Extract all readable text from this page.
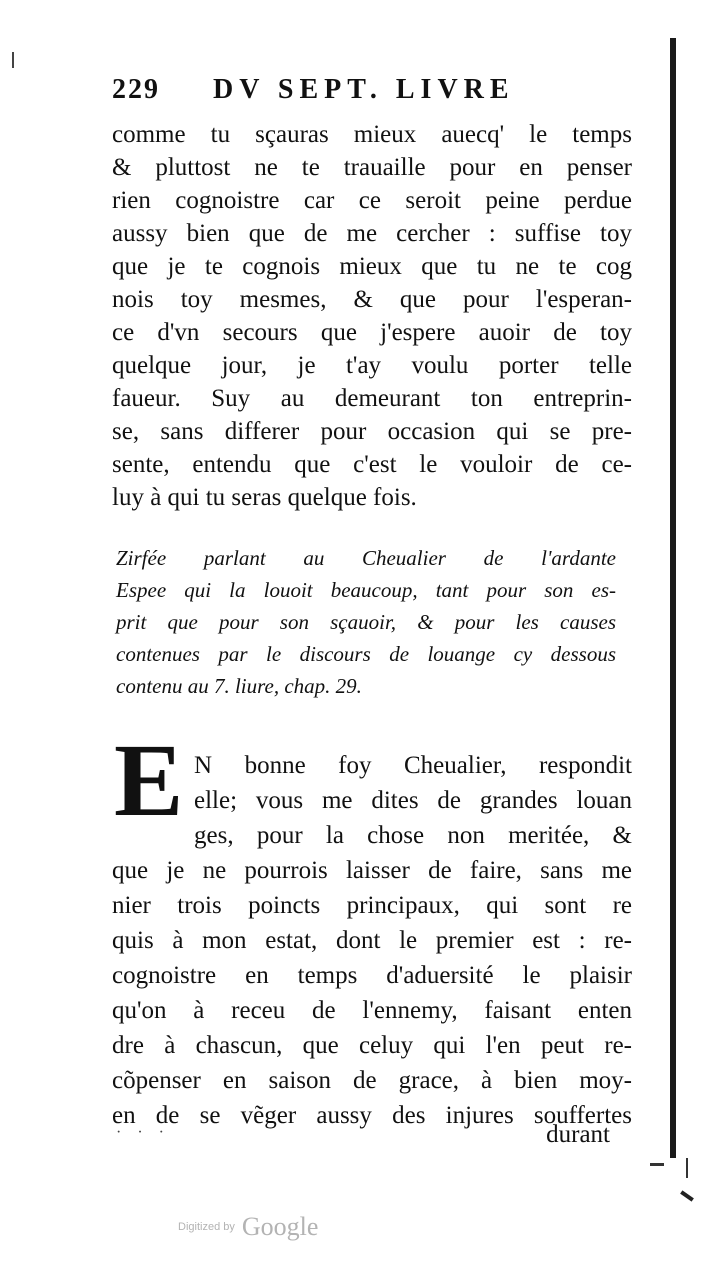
229 DV SEPT. LIVRE
comme tu sçauras mieux auecq' le temps
& pluttost ne te trauaille pour en penser
rien cognoistre car ce seroit peine perdue
aussy bien que de me cercher : suffise toy
que je te cognois mieux que tu ne te cog
nois toy mesmes, & que pour l'esperan-
ce d'vn secours que j'espere auoir de toy
quelque jour, je t'ay voulu porter telle
faueur. Suy au demeurant ton entreprin-
se, sans differer pour occasion qui se pre-
sente, entendu que c'est le vouloir de ce-
luy à qui tu seras quelque fois.
Zirfée parlant au Cheualier de l'ardante
Espee qui la louoit beaucoup, tant pour son es-
prit que pour son sçauoir, & pour les causes
contenues par le discours de louange cy dessous
contenu au 7. liure, chap. 29.
E N bonne foy Cheualier, respondit
elle; vous me dites de grandes louan
ges, pour la chose non meritée, &
que je ne pourrois laisser de faire, sans me
nier trois poincts principaux, qui sont re
quis à mon estat, dont le premier est : re-
cognoistre en temps d'aduersité le plaisir
qu'on à receu de l'ennemy, faisant enten
dre à chascun, que celuy qui l'en peut re-
cõpenser en saison de grace, à bien moy-
en de se vẽger aussy des injures souffertes
· · ·	durant
Digitized by Google
